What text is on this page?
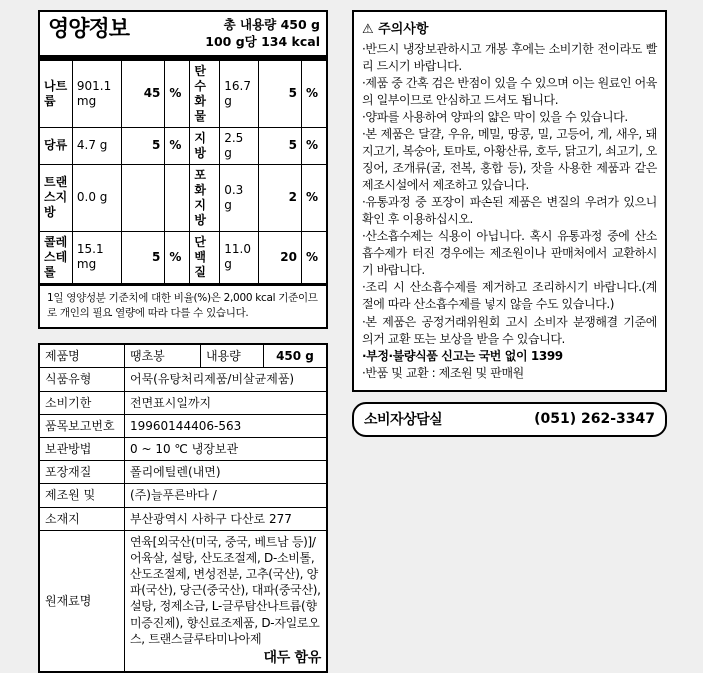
영양정보	총 내용량 450 g
100 g당 134 kcal
나트륨	901.1 mg	45	%	탄수화물	16.7 g	5	%
당류	4.7 g	5	%	지방	2.5 g	5	%
트랜스지방	0.0 g			포화지방	0.3 g	2	%
콜레스테롤	15.1 mg	5	%	단백질	11.0 g	20	%
1일 영양성분 기준치에 대한 비율(%)은 2,000 kcal 기준이므로 개인의 필요 열량에 따라 다를 수 있습니다.
제품명	땡초봉	내용량	450 g
식품유형	어묵(유탕처리제품/비살균제품)		
소비기한	전면표시일까지		
품목보고번호	19960144406-563		
보관방법	0 ~ 10 ℃ 냉장보관		
포장재질	폴리에틸렌(내면)		
제조원 및	(주)늘푸른바다 /		
소재지	부산광역시 사하구 다산로 277		
원재료명	연육[외국산(미국, 중국, 베트남 등)]/어육살, 설탕, 산도조절제, D-소비톨, 산도조절제, 변성전분, 고추(국산), 양파(국산), 당근(중국산), 대파(중국산), 설탕, 정제소금, L-글루탐산나트륨(향미증진제), 향신료조제품, D-자일로오스, 트랜스글루타미나아제
대두 함유		
⚠ 주의사항

·반드시 냉장보관하시고 개봉 후에는 소비기한 전이라도 빨리 드시기 바랍니다.

·제품 중 간혹 검은 반점이 있을 수 있으며 이는 원료인 어육의 일부이므로 안심하고 드셔도 됩니다.

·양파를 사용하여 양파의 얇은 막이 있을 수 있습니다.

·본 제품은 달걀, 우유, 메밀, 땅콩, 밀, 고등어, 게, 새우, 돼지고기, 복숭아, 토마토, 아황산류, 호두, 닭고기, 쇠고기, 오징어, 조개류(굴, 전복, 홍합 등), 잣을 사용한 제품과 같은 제조시설에서 제조하고 있습니다.

·유통과정 중 포장이 파손된 제품은 변질의 우려가 있으니 확인 후 이용하십시오.

·산소흡수제는 식용이 아닙니다. 혹시 유통과정 중에 산소흡수제가 터진 경우에는 제조원이나 판매처에서 교환하시기 바랍니다.

·조리 시 산소흡수제를 제거하고 조리하시기 바랍니다.(계절에 따라 산소흡수제를 넣지 않을 수도 있습니다.)

·본 제품은 공정거래위원회 고시 소비자 분쟁해결 기준에 의거 교환 또는 보상을 받을 수 있습니다.

·부정·불량식품 신고는 국번 없이 1399

·반품 및 교환 : 제조원 및 판매원

소비자상담실	(051) 262-3347
